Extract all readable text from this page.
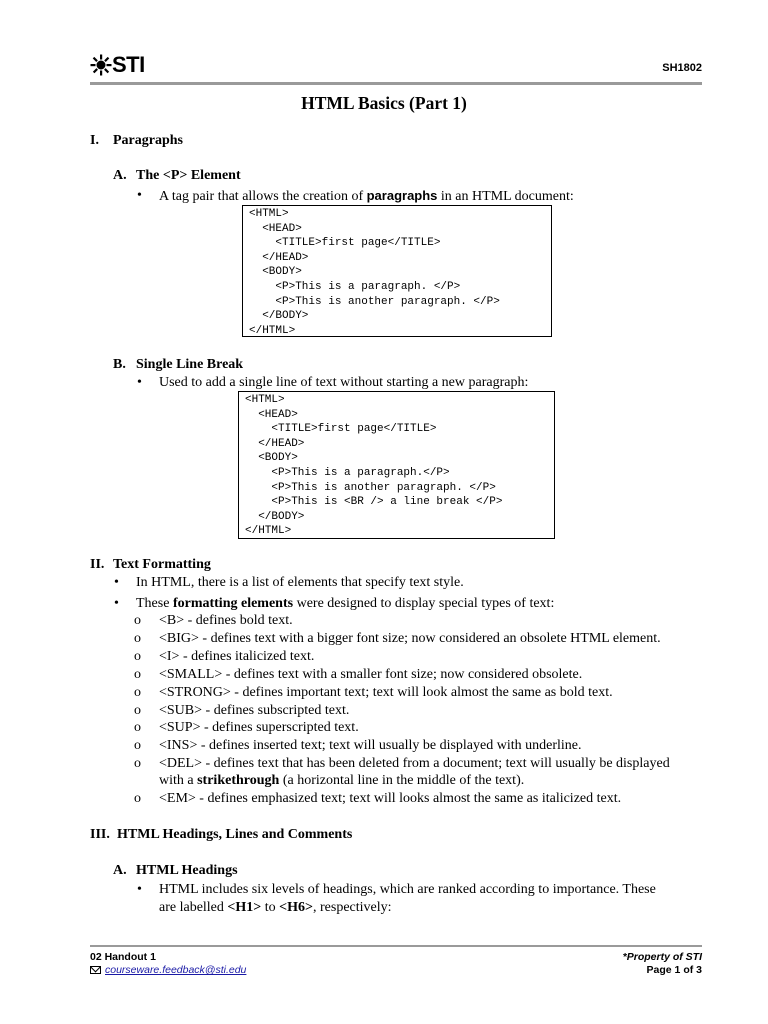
STI	SH1802
HTML Basics (Part 1)
I. Paragraphs
A. The <P> Element
• A tag pair that allows the creation of paragraphs in an HTML document:
<HTML>
<HEAD>
<TITLE>first page</TITLE>
</HEAD>
<BODY>
<P>This is a paragraph. </P>
<P>This is another paragraph. </P>
</BODY>
</HTML>
B. Single Line Break
• Used to add a single line of text without starting a new paragraph:
<HTML>
<HEAD>
<TITLE>first page</TITLE>
</HEAD>
<BODY>
<P>This is a paragraph.</P>
<P>This is another paragraph. </P>
<P>This is <BR /> a line break </P>
</BODY>
</HTML>
II. Text Formatting
• In HTML, there is a list of elements that specify text style.
• These formatting elements were designed to display special types of text:
o <B> - defines bold text.
o <BIG> - defines text with a bigger font size; now considered an obsolete HTML element.
o <I> - defines italicized text.
o <SMALL> - defines text with a smaller font size; now considered obsolete.
o <STRONG> - defines important text; text will look almost the same as bold text.
o <SUB> - defines subscripted text.
o <SUP> - defines superscripted text.
o <INS> - defines inserted text; text will usually be displayed with underline.
o <DEL> - defines text that has been deleted from a document; text will usually be displayed
with a strikethrough (a horizontal line in the middle of the text).
o <EM> - defines emphasized text; text will looks almost the same as italicized text.
III. HTML Headings, Lines and Comments
A. HTML Headings
• HTML includes six levels of headings, which are ranked according to importance. These
are labelled <H1> to <H6>, respectively:
02 Handout 1
courseware.feedback@sti.edu
*Property of STI
Page 1 of 3
